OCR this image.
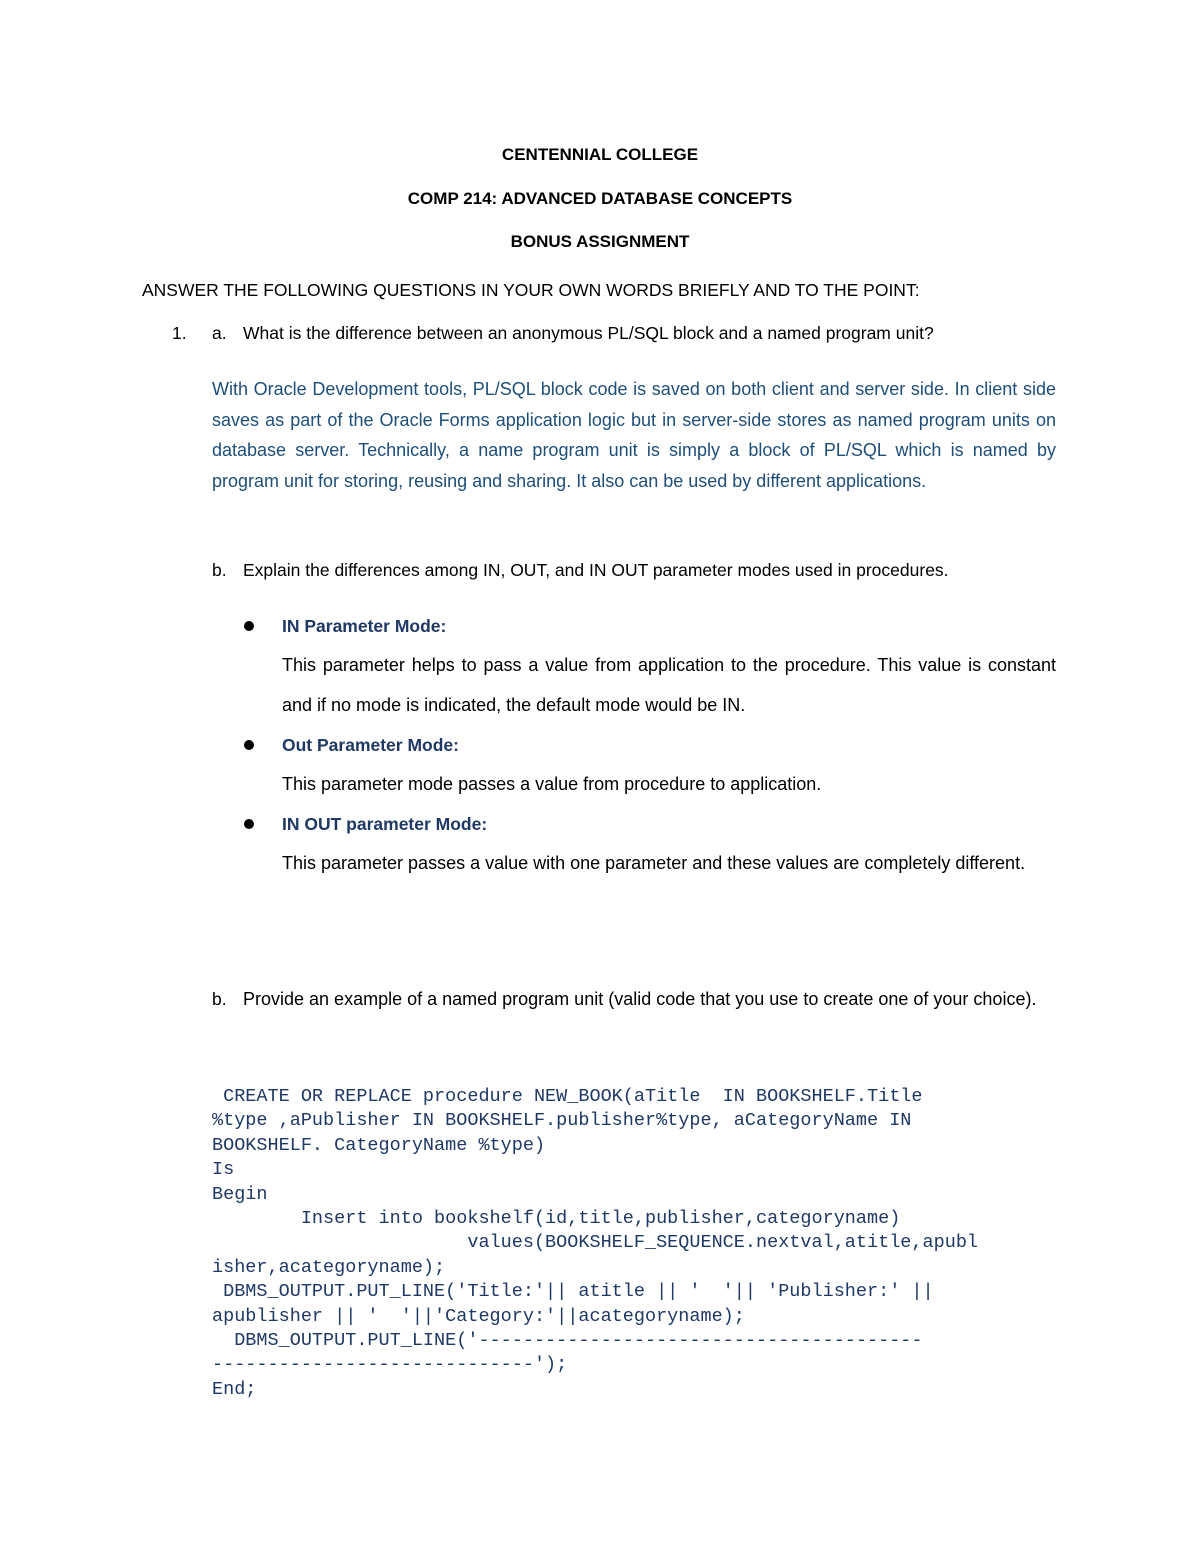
CENTENNIAL COLLEGE
COMP 214: ADVANCED DATABASE CONCEPTS
BONUS ASSIGNMENT
ANSWER THE FOLLOWING QUESTIONS IN YOUR OWN WORDS BRIEFLY AND TO THE POINT:
1. a. What is the difference between an anonymous PL/SQL block and a named program unit?
With Oracle Development tools, PL/SQL block code is saved on both client and server side. In client side saves as part of the Oracle Forms application logic but in server-side stores as named program units on database server. Technically, a name program unit is simply a block of PL/SQL which is named by program unit for storing, reusing and sharing. It also can be used by different applications.
b. Explain the differences among IN, OUT, and IN OUT parameter modes used in procedures.
IN Parameter Mode:
This parameter helps to pass a value from application to the procedure. This value is constant and if no mode is indicated, the default mode would be IN.
Out Parameter Mode:
This parameter mode passes a value from procedure to application.
IN OUT parameter Mode:
This parameter passes a value with one parameter and these values are completely different.
b. Provide an example of a named program unit (valid code that you use to create one of your choice).
CREATE OR REPLACE procedure NEW_BOOK(aTitle  IN BOOKSHELF.Title
%type ,aPublisher IN BOOKSHELF.publisher%type, aCategoryName IN
BOOKSHELF. CategoryName %type)
Is
Begin
Insert into bookshelf(id,title,publisher,categoryname)
values(BOOKSHELF_SEQUENCE.nextval,atitle,apubl
isher,acategoryname);
DBMS_OUTPUT.PUT_LINE('Title:'|| atitle || '  '|| 'Publisher:' ||
apublisher || '  '||'Category:'||acategoryname);
DBMS_OUTPUT.PUT_LINE('----------------------------------------
-----------------------------');
End;
